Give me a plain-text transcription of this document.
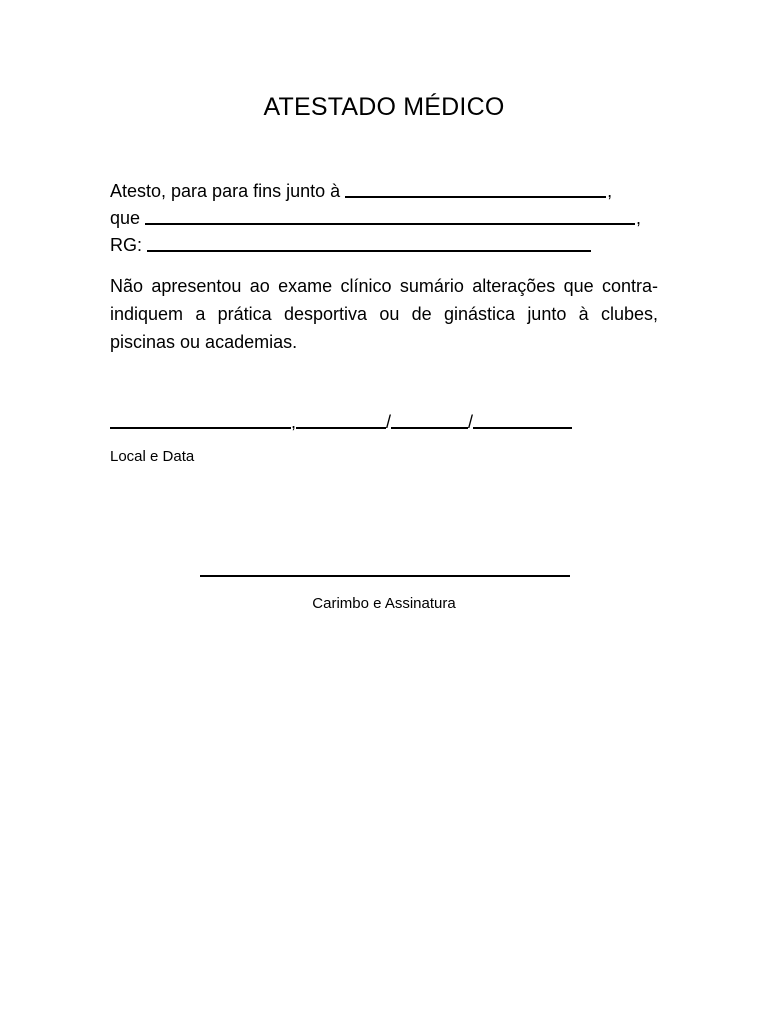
ATESTADO MÉDICO
Atesto, para para fins junto à	,
que	,
RG:
Não apresentou ao exame clínico sumário alterações que contra-indiquem a prática desportiva ou de ginástica junto à clubes, piscinas ou academias.
,	/	/
Local e Data
Carimbo e Assinatura
